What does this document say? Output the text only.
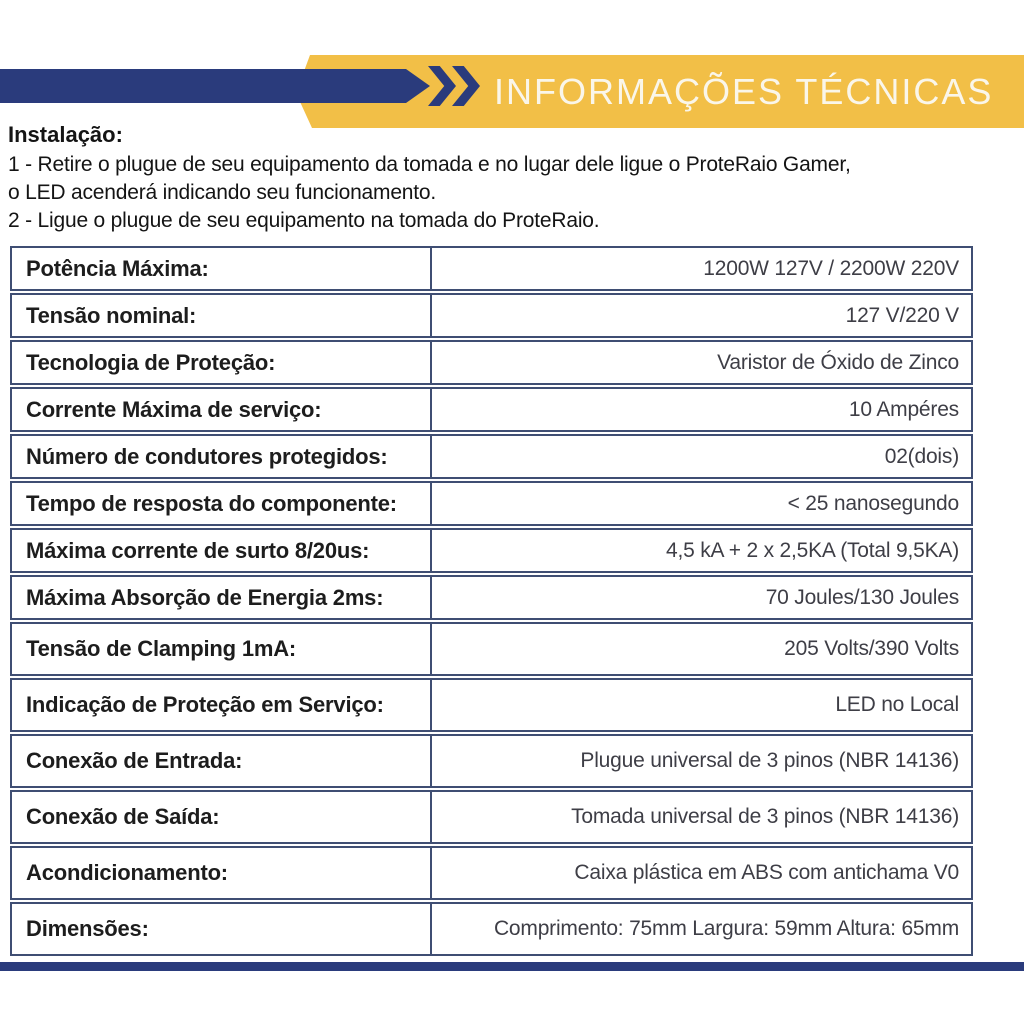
INFORMAÇÕES TÉCNICAS
Instalação:
1 - Retire o plugue de seu equipamento da tomada e no lugar dele ligue o ProteRaio Gamer,
o LED acenderá indicando seu funcionamento.
2 - Ligue o plugue de seu equipamento na tomada do ProteRaio.
Potência Máxima:	1200W 127V / 2200W 220V
Tensão nominal:	127 V/220 V
Tecnologia de Proteção:	Varistor de Óxido de Zinco
Corrente Máxima de serviço:	10 Ampéres
Número de condutores protegidos:	02(dois)
Tempo de resposta do componente:	< 25 nanosegundo
Máxima corrente de surto 8/20us:	4,5 kA + 2 x 2,5KA (Total 9,5KA)
Máxima Absorção de Energia 2ms:	70 Joules/130 Joules
Tensão de Clamping 1mA:	205 Volts/390 Volts
Indicação de Proteção em Serviço:	LED no Local
Conexão de Entrada:	Plugue universal de 3 pinos (NBR 14136)
Conexão de Saída:	Tomada universal de 3 pinos (NBR 14136)
Acondicionamento:	Caixa plástica em ABS com antichama V0
Dimensões:	Comprimento: 75mm Largura: 59mm Altura: 65mm
